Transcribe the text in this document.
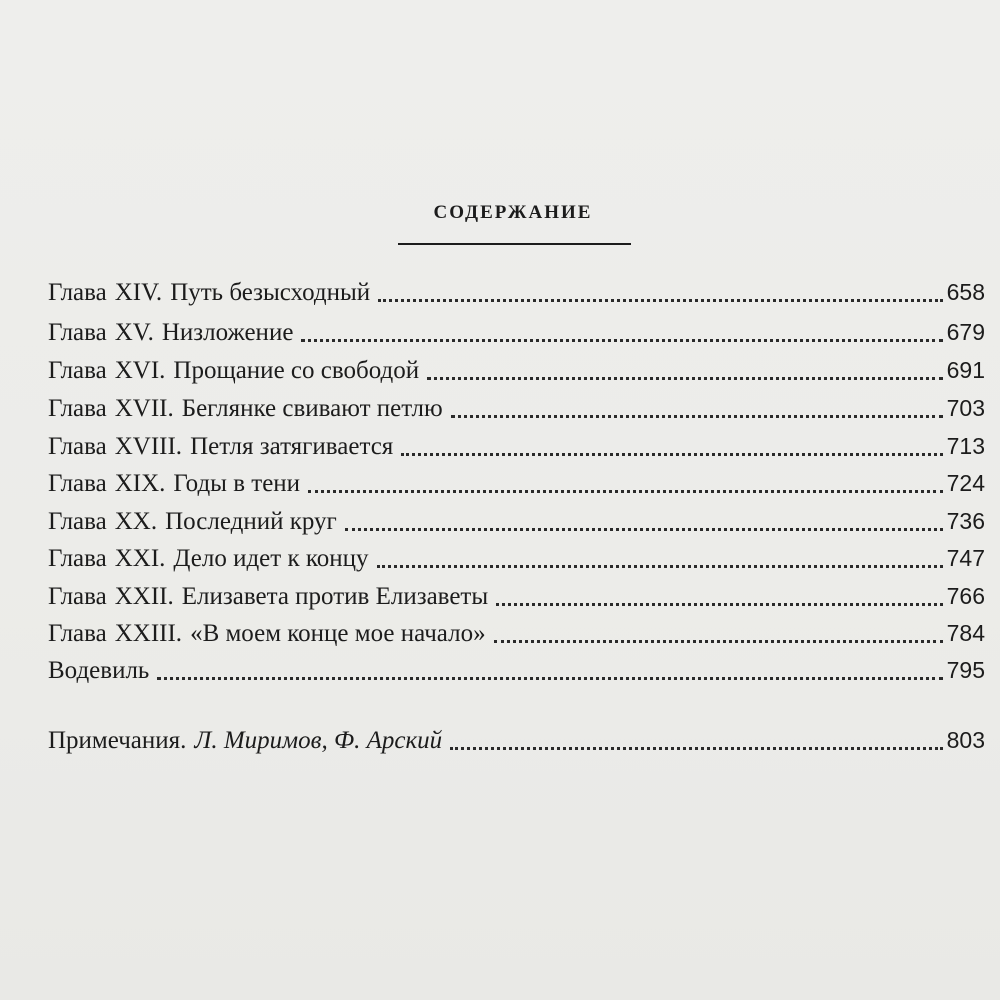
СОДЕРЖАНИЕ
Глава XIV. Путь безысходный	658
Глава XV. Низложение	679
Глава XVI. Прощание со свободой	691
Глава XVII. Беглянке свивают петлю	703
Глава XVIII. Петля затягивается	713
Глава XIX. Годы в тени	724
Глава XX. Последний круг	736
Глава XXI. Дело идет к концу	747
Глава XXII. Елизавета против Елизаветы	766
Глава XXIII. «В моем конце мое начало»	784
Водевиль	795
Примечания. Л. Миримов, Ф. Арский	803
